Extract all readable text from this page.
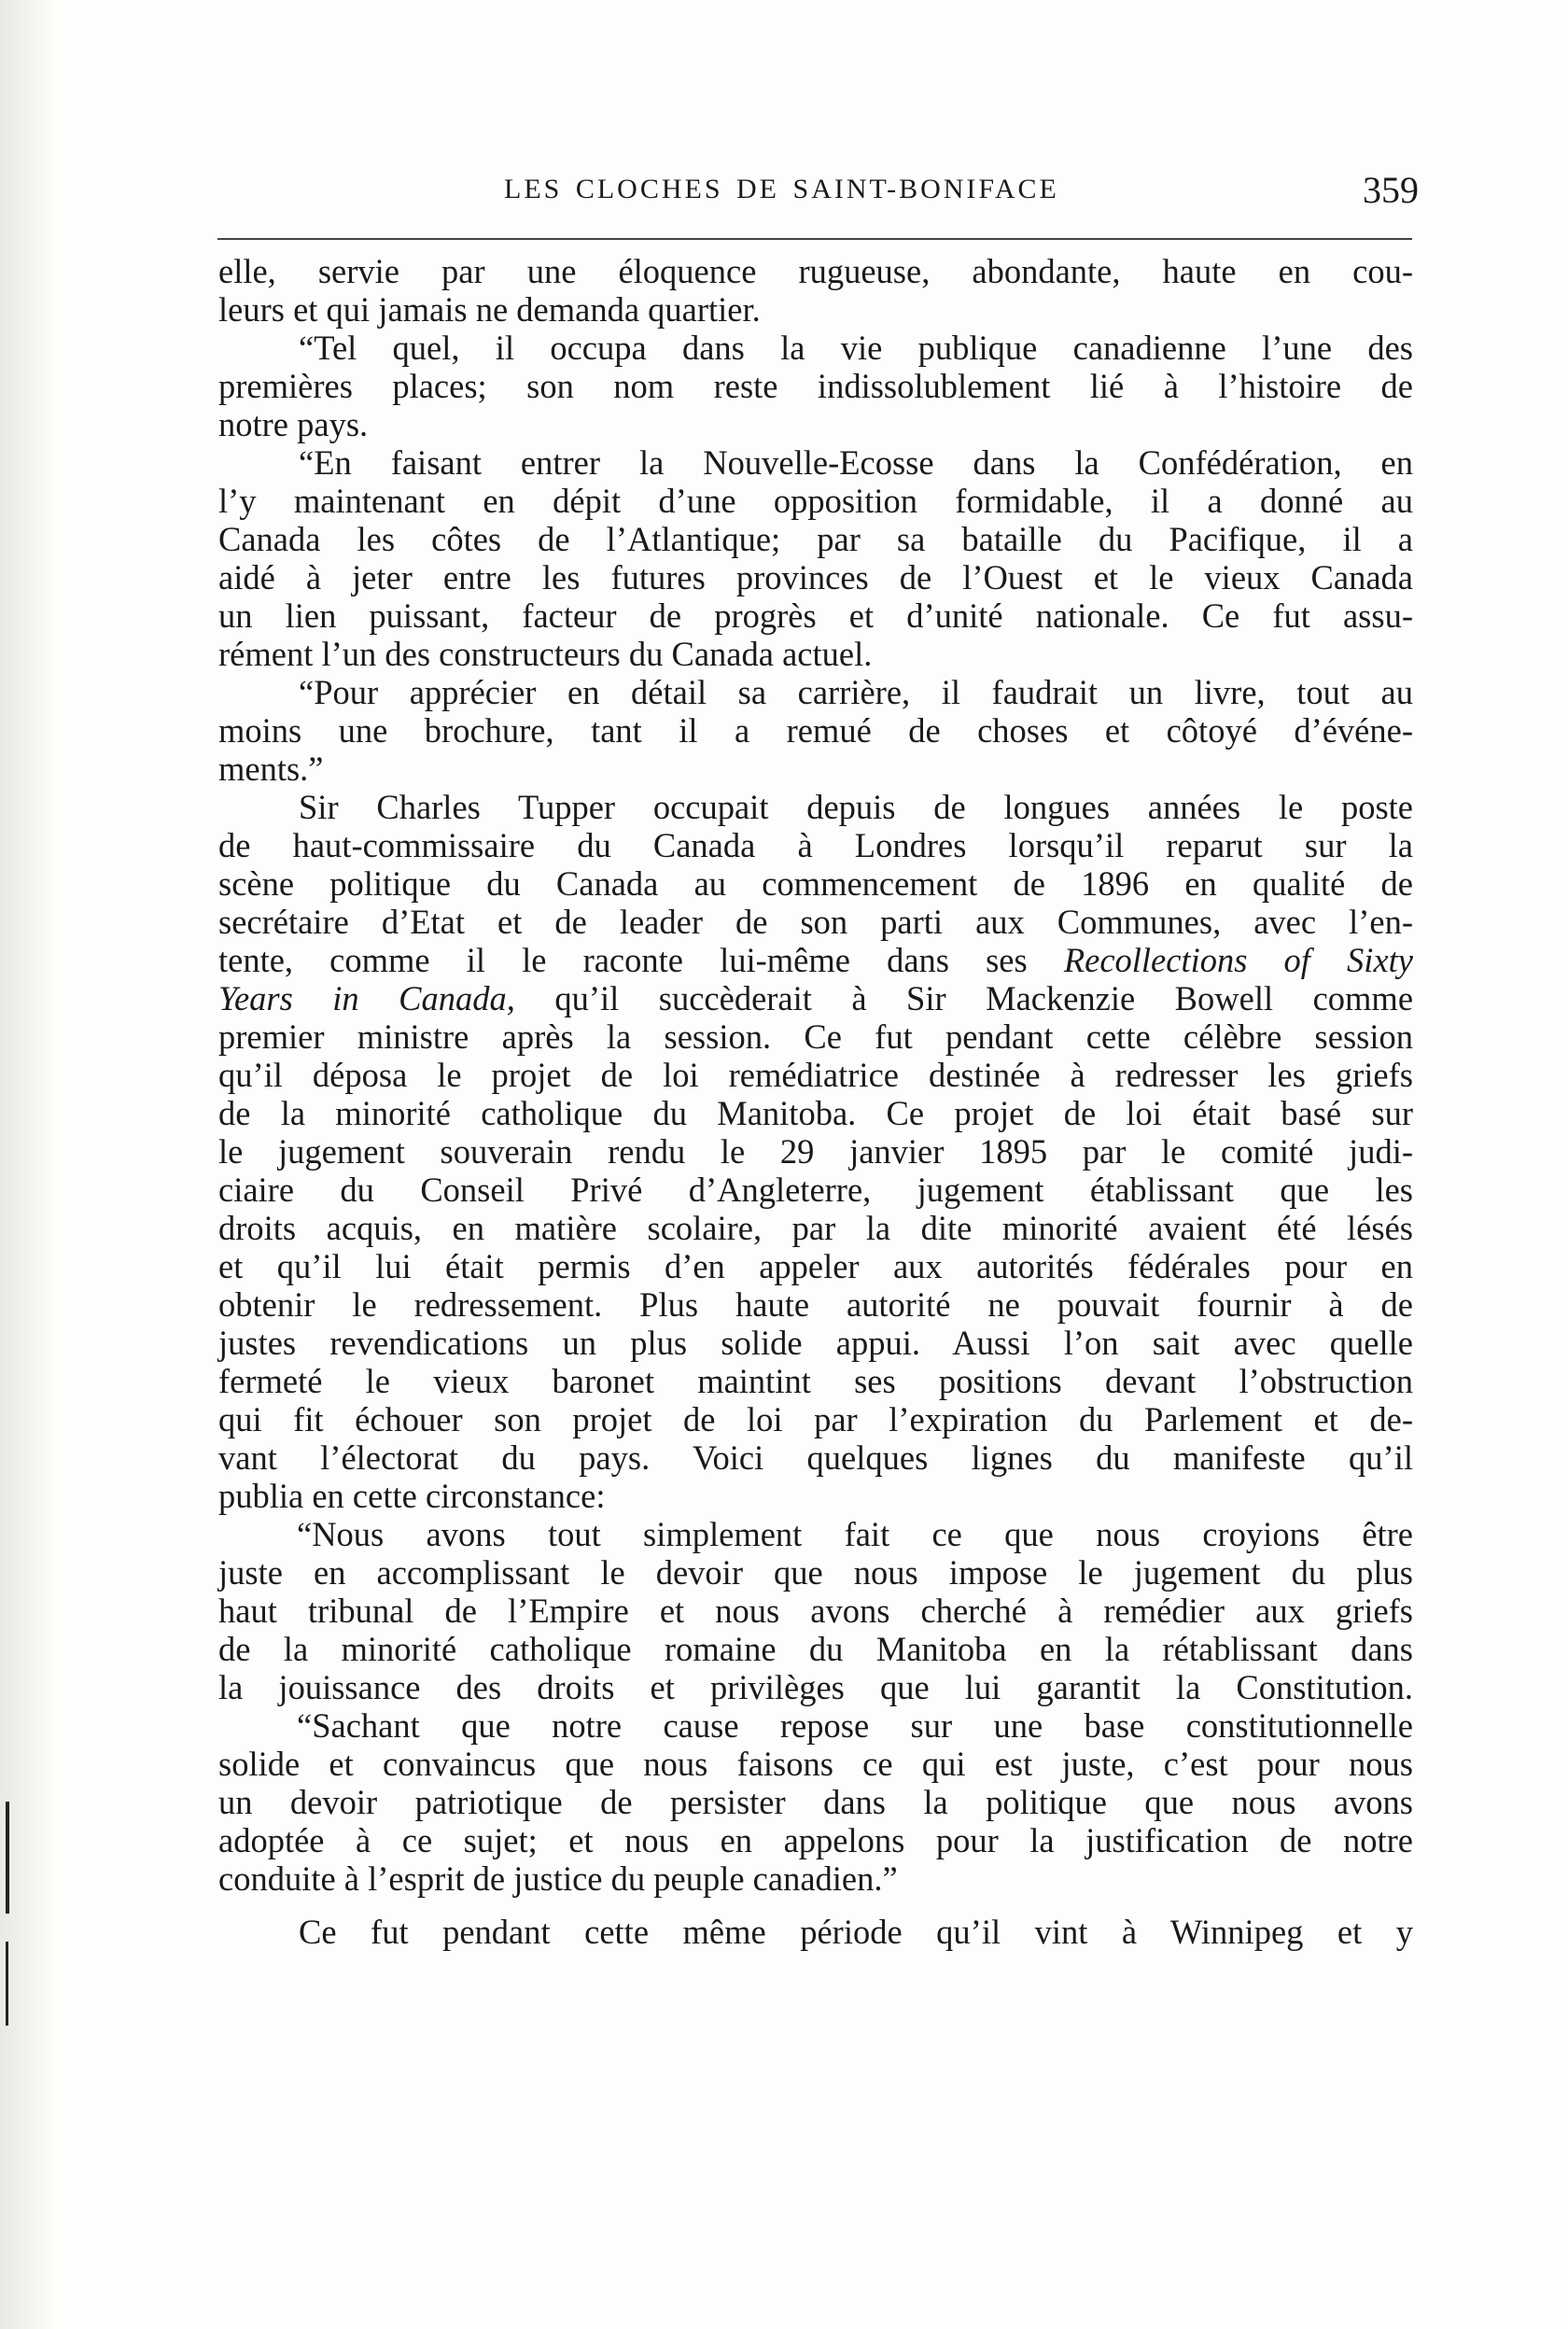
LES CLOCHES DE SAINT-BONIFACE	359
elle, servie par une éloquence rugueuse, abondante, haute en cou-
leurs et qui jamais ne demanda quartier.
“Tel quel, il occupa dans la vie publique canadienne l’une des
premières places; son nom reste indissolublement lié à l’histoire de
notre pays.
“En faisant entrer la Nouvelle-Ecosse dans la Confédération, en
l’y maintenant en dépit d’une opposition formidable, il a donné au
Canada les côtes de l’Atlantique; par sa bataille du Pacifique, il a
aidé à jeter entre les futures provinces de l’Ouest et le vieux Canada
un lien puissant, facteur de progrès et d’unité nationale. Ce fut assu-
rément l’un des constructeurs du Canada actuel.
“Pour apprécier en détail sa carrière, il faudrait un livre, tout au
moins une brochure, tant il a remué de choses et côtoyé d’événe-
ments.”
Sir Charles Tupper occupait depuis de longues années le poste
de haut-commissaire du Canada à Londres lorsqu’il reparut sur la
scène politique du Canada au commencement de 1896 en qualité de
secrétaire d’Etat et de leader de son parti aux Communes, avec l’en-
tente, comme il le raconte lui-même dans ses Recollections of Sixty
Years in Canada, qu’il succèderait à Sir Mackenzie Bowell comme
premier ministre après la session. Ce fut pendant cette célèbre session
qu’il déposa le projet de loi remédiatrice destinée à redresser les griefs
de la minorité catholique du Manitoba. Ce projet de loi était basé sur
le jugement souverain rendu le 29 janvier 1895 par le comité judi-
ciaire du Conseil Privé d’Angleterre, jugement établissant que les
droits acquis, en matière scolaire, par la dite minorité avaient été lésés
et qu’il lui était permis d’en appeler aux autorités fédérales pour en
obtenir le redressement. Plus haute autorité ne pouvait fournir à de
justes revendications un plus solide appui. Aussi l’on sait avec quelle
fermeté le vieux baronet maintint ses positions devant l’obstruction
qui fit échouer son projet de loi par l’expiration du Parlement et de-
vant l’électorat du pays. Voici quelques lignes du manifeste qu’il
publia en cette circonstance:
“Nous avons tout simplement fait ce que nous croyions être
juste en accomplissant le devoir que nous impose le jugement du plus
haut tribunal de l’Empire et nous avons cherché à remédier aux griefs
de la minorité catholique romaine du Manitoba en la rétablissant dans
la jouissance des droits et privilèges que lui garantit la Constitution.
“Sachant que notre cause repose sur une base constitutionnelle
solide et convaincus que nous faisons ce qui est juste, c’est pour nous
un devoir patriotique de persister dans la politique que nous avons
adoptée à ce sujet; et nous en appelons pour la justification de notre
conduite à l’esprit de justice du peuple canadien.”
Ce fut pendant cette même période qu’il vint à Winnipeg et y
